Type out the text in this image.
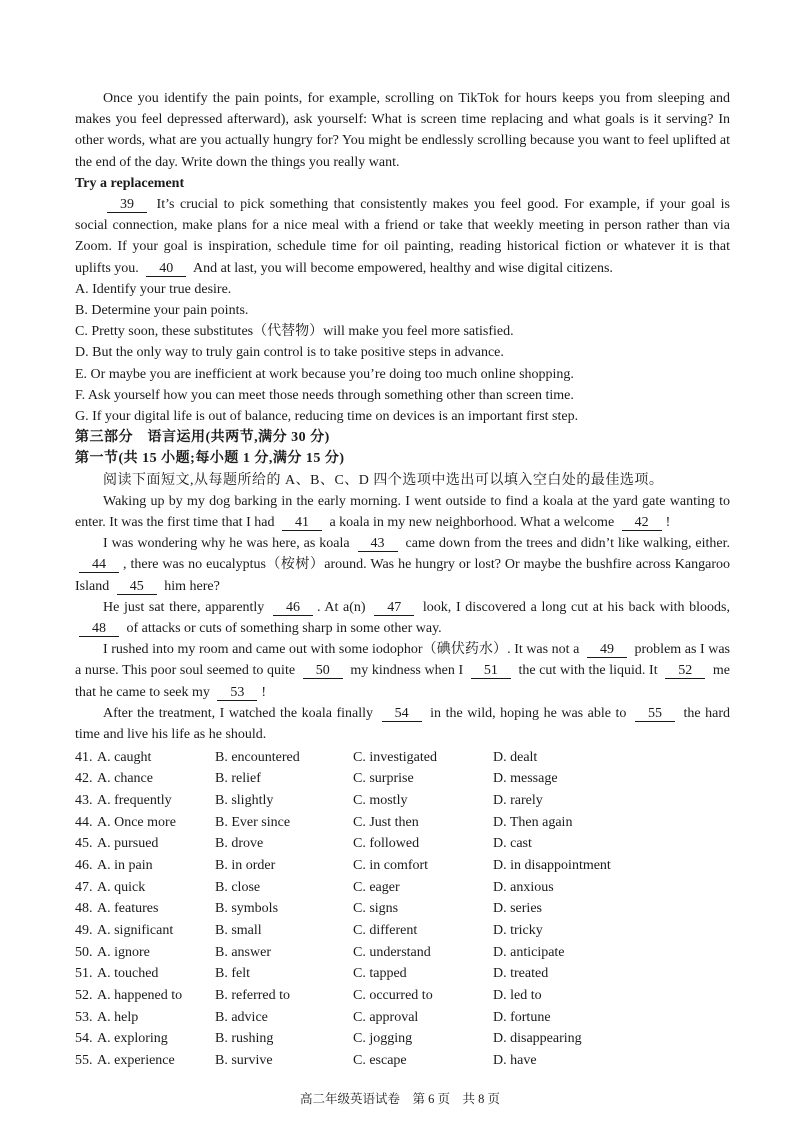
Once you identify the pain points, for example, scrolling on TikTok for hours keeps you from sleeping and makes you feel depressed afterward), ask yourself: What is screen time replacing and what goals is it serving? In other words, what are you actually hungry for? You might be endlessly scrolling because you want to feel uplifted at the end of the day. Write down the things you really want.

Try a replacement

39 It’s crucial to pick something that consistently makes you feel good. For example, if your goal is social connection, make plans for a nice meal with a friend or take that weekly meeting in person rather than via Zoom. If your goal is inspiration, schedule time for oil painting, reading historical fiction or whatever it is that uplifts you. 40 And at last, you will become empowered, healthy and wise digital citizens.

A. Identify your true desire.

B. Determine your pain points.

C. Pretty soon, these substitutes（代替物）will make you feel more satisfied.

D. But the only way to truly gain control is to take positive steps in advance.

E. Or maybe you are inefficient at work because you’re doing too much online shopping.

F. Ask yourself how you can meet those needs through something other than screen time.

G. If your digital life is out of balance, reducing time on devices is an important first step.

第三部分　语言运用(共两节,满分 30 分)

第一节(共 15 小题;每小题 1 分,满分 15 分)

阅读下面短文,从每题所给的 A、B、C、D 四个选项中选出可以填入空白处的最佳选项。

Waking up by my dog barking in the early morning. I went outside to find a koala at the yard gate wanting to enter. It was the first time that I had 41 a koala in my new neighborhood. What a welcome 42 !

I was wondering why he was here, as koala 43 came down from the trees and didn’t like walking, either. 44 , there was no eucalyptus（桉树）around. Was he hungry or lost? Or maybe the bushfire across Kangaroo Island 45 him here?

He just sat there, apparently 46 . At a(n) 47 look, I discovered a long cut at his back with bloods, 48 of attacks or cuts of something sharp in some other way.

I rushed into my room and came out with some iodophor（碘伏药水）. It was not a 49 problem as I was a nurse. This poor soul seemed to quite 50 my kindness when I 51 the cut with the liquid. It 52 me that he came to seek my 53 !

After the treatment, I watched the koala finally 54 in the wild, hoping he was able to 55 the hard time and live his life as he should.

41. A. caught	B. encountered	C. investigated	D. dealt
42. A. chance	B. relief	C. surprise	D. message
43. A. frequently	B. slightly	C. mostly	D. rarely
44. A. Once more	B. Ever since	C. Just then	D. Then again
45. A. pursued	B. drove	C. followed	D. cast
46. A. in pain	B. in order	C. in comfort	D. in disappointment
47. A. quick	B. close	C. eager	D. anxious
48. A. features	B. symbols	C. signs	D. series
49. A. significant	B. small	C. different	D. tricky
50. A. ignore	B. answer	C. understand	D. anticipate
51. A. touched	B. felt	C. tapped	D. treated
52. A. happened to	B. referred to	C. occurred to	D. led to
53. A. help	B. advice	C. approval	D. fortune
54. A. exploring	B. rushing	C. jogging	D. disappearing
55. A. experience	B. survive	C. escape	D. have
高二年级英语试卷　第 6 页　共 8 页
